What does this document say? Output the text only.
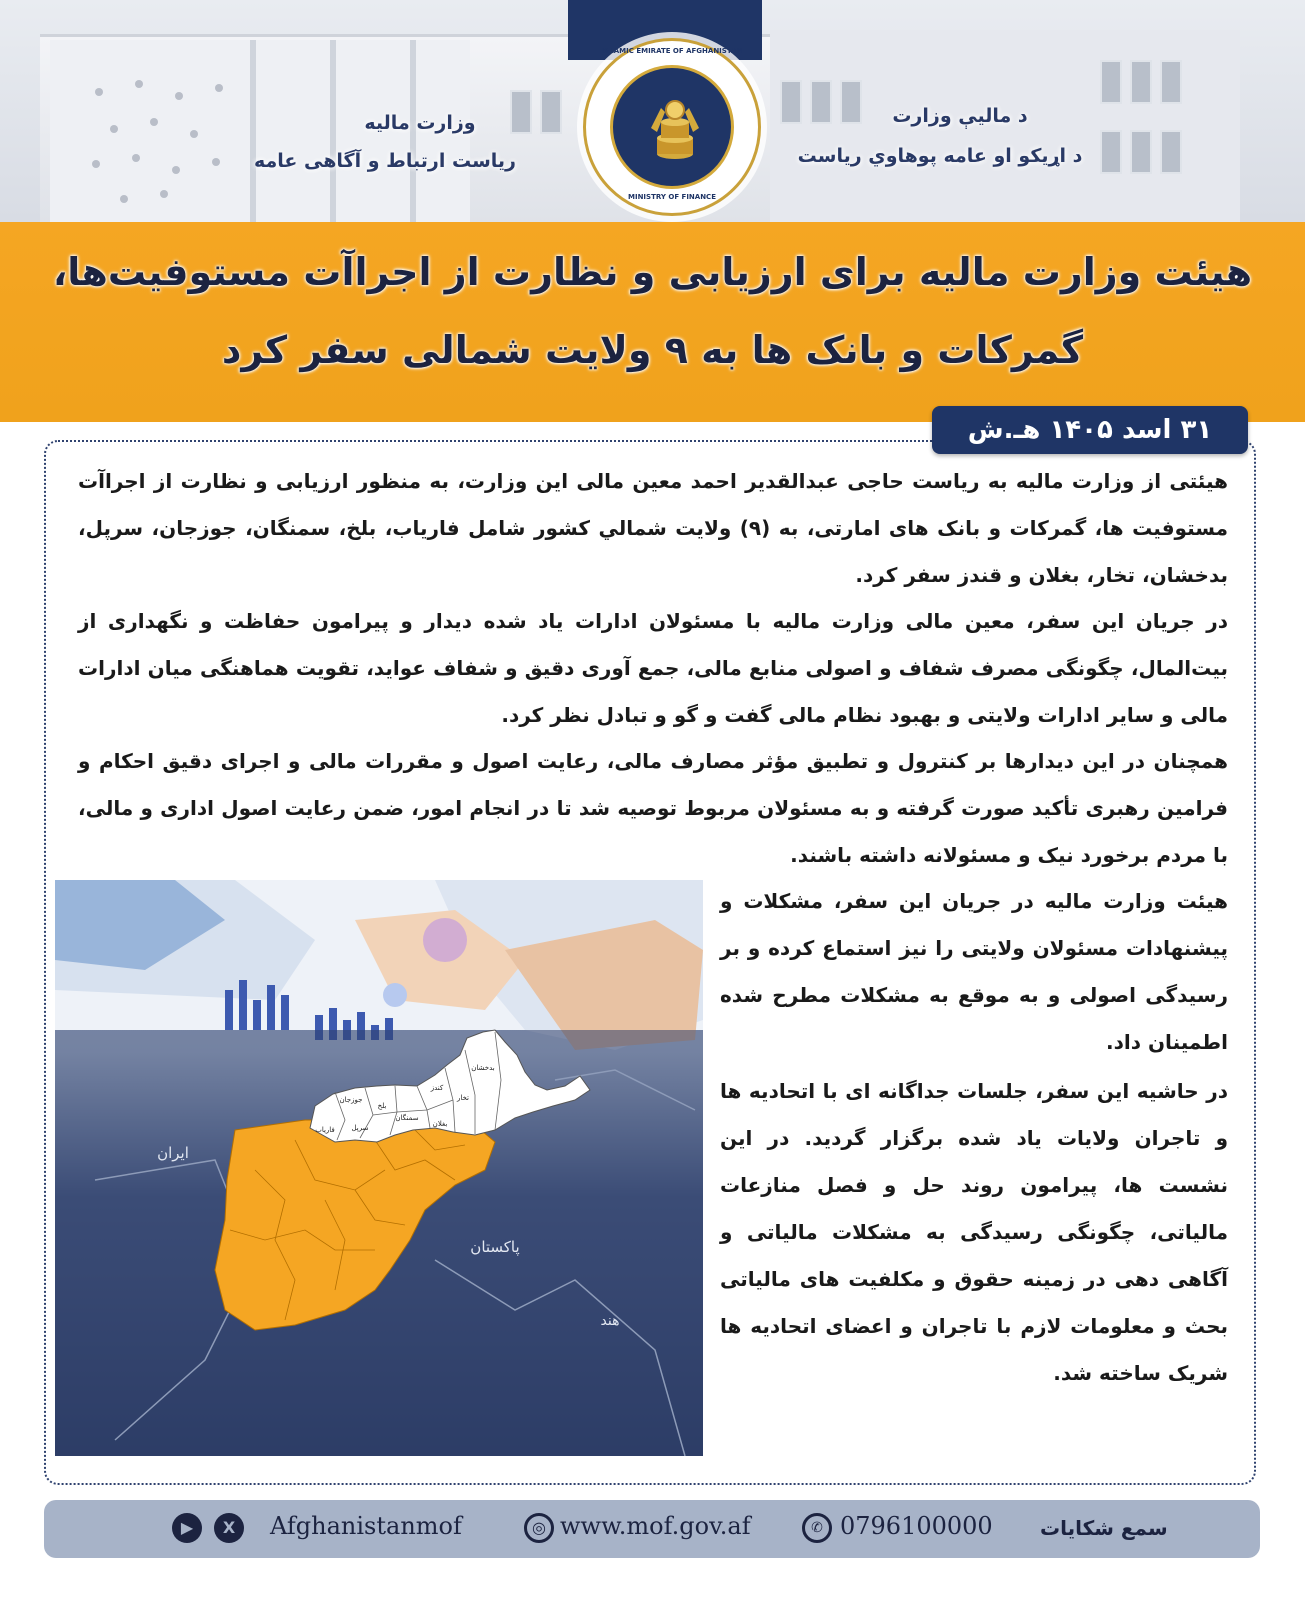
وزارت مالیه
ریاست ارتباط و آگاهی عامه
د مالیې وزارت
د اړیکو او عامه پوهاوي ریاست
ISLAMIC EMIRATE OF AFGHANISTAN
MINISTRY OF FINANCE
هیئت وزارت مالیه برای ارزیابی و نظارت از اجراآت مستوفیت‌ها،
گمرکات و بانک ها به ۹ ولایت شمالی سفر کرد
۳۱ اسد ۱۴۰۵ هـ.ش
هیئتی از وزارت مالیه به ریاست حاجی عبدالقدیر احمد معین مالی این وزارت، به منظور ارزیابی و نظارت از اجراآت مستوفیت ها، گمرکات و بانک های امارتی، به (۹) ولایت شمالي کشور شامل فاریاب، بلخ، سمنگان، جوزجان، سرپل، بدخشان، تخار، بغلان و قندز سفر کرد.
در جریان این سفر، معین مالی وزارت مالیه با مسئولان ادارات یاد شده دیدار و پیرامون حفاظت و نگهداری از بیت‌المال، چگونگی مصرف شفاف و اصولی منابع مالی، جمع آوری دقیق و شفاف عواید، تقویت هماهنگی میان ادارات مالی و سایر ادارات ولایتی و بهبود نظام مالی گفت و گو و تبادل نظر کرد.
همچنان در این دیدارها بر کنترول و تطبیق مؤثر مصارف مالی، رعایت اصول و مقررات مالی و اجرای دقیق احکام و فرامین رهبری تأکید صورت گرفته و به مسئولان مربوط توصیه شد تا در انجام امور، ضمن رعایت اصول اداری و مالی، با مردم برخورد نیک و مسئولانه داشته باشند.
هیئت وزارت مالیه در جریان این سفر، مشکلات و پیشنهادات مسئولان ولایتی را نیز استماع کرده و بر رسیدگی اصولی و به موقع به مشکلات مطرح شده اطمینان داد.
در حاشیه این سفر، جلسات جداگانه ای با اتحادیه ها و تاجران ولایات یاد شده برگزار گردید. در این نشست ها، پیرامون روند حل و فصل منازعات مالیاتی، چگونگی رسیدگی به مشکلات مالیاتی و آگاهی دهی در زمینه حقوق و مکلفیت های مالیاتی بحث و معلومات لازم با تاجران و اعضای اتحادیه ها شریک ساخته شد.
ایران
پاکستان
هند
فاریاب
جوزجان
بلخ
سرپل
سمنگان
کندز
بغلان
تخار
بدخشان
▶	X	Afghanistanmof	◎ www.mof.gov.af	✆ 0796100000 سمع شکایات
